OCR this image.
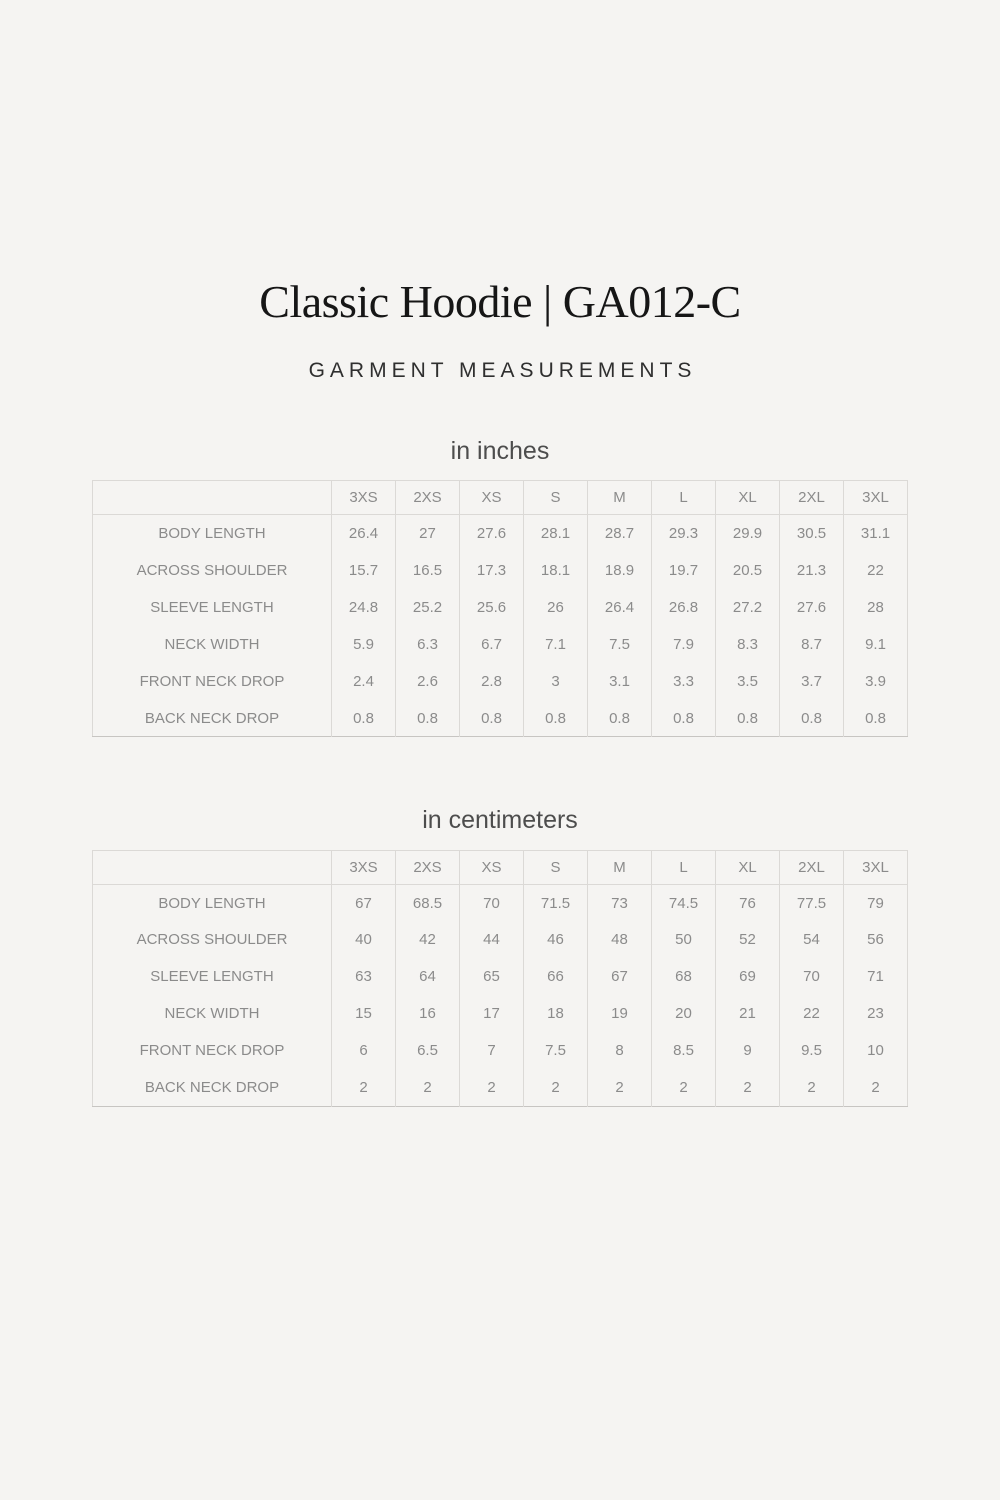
Classic Hoodie | GA012-C
GARMENT MEASUREMENTS
in inches
	3XS	2XS	XS	S	M	L	XL	2XL	3XL
BODY LENGTH	26.4	27	27.6	28.1	28.7	29.3	29.9	30.5	31.1
ACROSS SHOULDER	15.7	16.5	17.3	18.1	18.9	19.7	20.5	21.3	22
SLEEVE LENGTH	24.8	25.2	25.6	26	26.4	26.8	27.2	27.6	28
NECK WIDTH	5.9	6.3	6.7	7.1	7.5	7.9	8.3	8.7	9.1
FRONT NECK DROP	2.4	2.6	2.8	3	3.1	3.3	3.5	3.7	3.9
BACK NECK DROP	0.8	0.8	0.8	0.8	0.8	0.8	0.8	0.8	0.8
in centimeters
	3XS	2XS	XS	S	M	L	XL	2XL	3XL
BODY LENGTH	67	68.5	70	71.5	73	74.5	76	77.5	79
ACROSS SHOULDER	40	42	44	46	48	50	52	54	56
SLEEVE LENGTH	63	64	65	66	67	68	69	70	71
NECK WIDTH	15	16	17	18	19	20	21	22	23
FRONT NECK DROP	6	6.5	7	7.5	8	8.5	9	9.5	10
BACK NECK DROP	2	2	2	2	2	2	2	2	2
